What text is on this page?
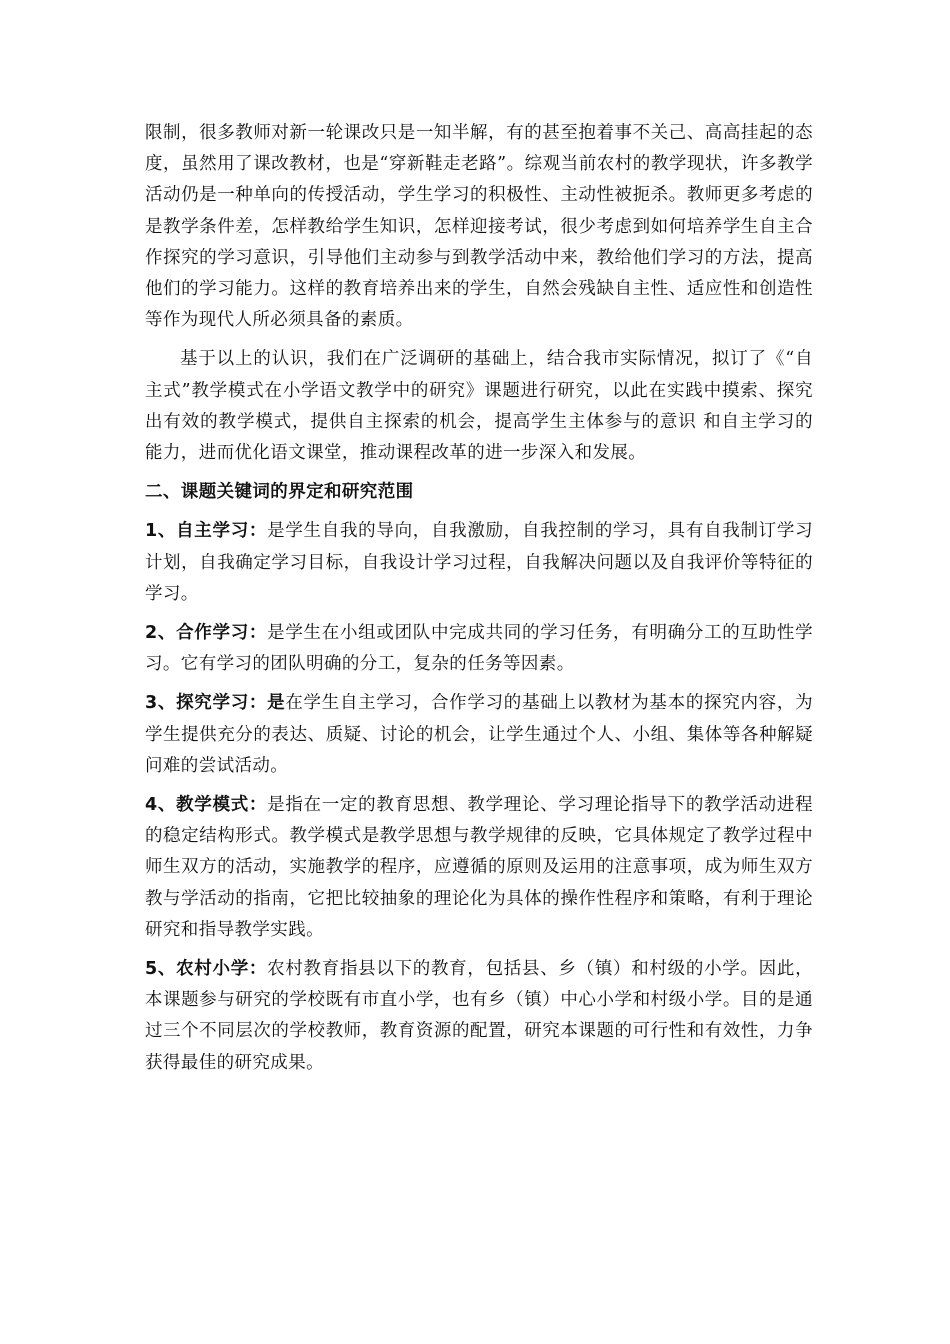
限制，很多教师对新一轮课改只是一知半解，有的甚至抱着事不关己、高高挂起的态度，虽然用了课改教材，也是“穿新鞋走老路”。综观当前农村的教学现状，许多教学活动仍是一种单向的传授活动，学生学习的积极性、主动性被扼杀。教师更多考虑的是教学条件差，怎样教给学生知识，怎样迎接考试，很少考虑到如何培养学生自主合作探究的学习意识，引导他们主动参与到教学活动中来，教给他们学习的方法，提高他们的学习能力。这样的教育培养出来的学生，自然会残缺自主性、适应性和创造性等作为现代人所必须具备的素质。

基于以上的认识，我们在广泛调研的基础上，结合我市实际情况，拟订了《“自主式”教学模式在小学语文教学中的研究》课题进行研究，以此在实践中摸索、探究出有效的教学模式，提供自主探索的机会，提高学生主体参与的意识 和自主学习的能力，进而优化语文课堂，推动课程改革的进一步深入和发展。

二、课题关键词的界定和研究范围

1、自主学习：是学生自我的导向，自我激励，自我控制的学习，具有自我制订学习计划，自我确定学习目标，自我设计学习过程，自我解决问题以及自我评价等特征的学习。

2、合作学习：是学生在小组或团队中完成共同的学习任务，有明确分工的互助性学习。它有学习的团队明确的分工，复杂的任务等因素。

3、探究学习：是在学生自主学习，合作学习的基础上以教材为基本的探究内容，为学生提供充分的表达、质疑、讨论的机会，让学生通过个人、小组、集体等各种解疑问难的尝试活动。

4、教学模式：是指在一定的教育思想、教学理论、学习理论指导下的教学活动进程的稳定结构形式。教学模式是教学思想与教学规律的反映，它具体规定了教学过程中师生双方的活动，实施教学的程序，应遵循的原则及运用的注意事项，成为师生双方教与学活动的指南，它把比较抽象的理论化为具体的操作性程序和策略，有利于理论研究和指导教学实践。

5、农村小学：农村教育指县以下的教育，包括县、乡（镇）和村级的小学。因此，本课题参与研究的学校既有市直小学，也有乡（镇）中心小学和村级小学。目的是通过三个不同层次的学校教师，教育资源的配置，研究本课题的可行性和有效性，力争获得最佳的研究成果。
